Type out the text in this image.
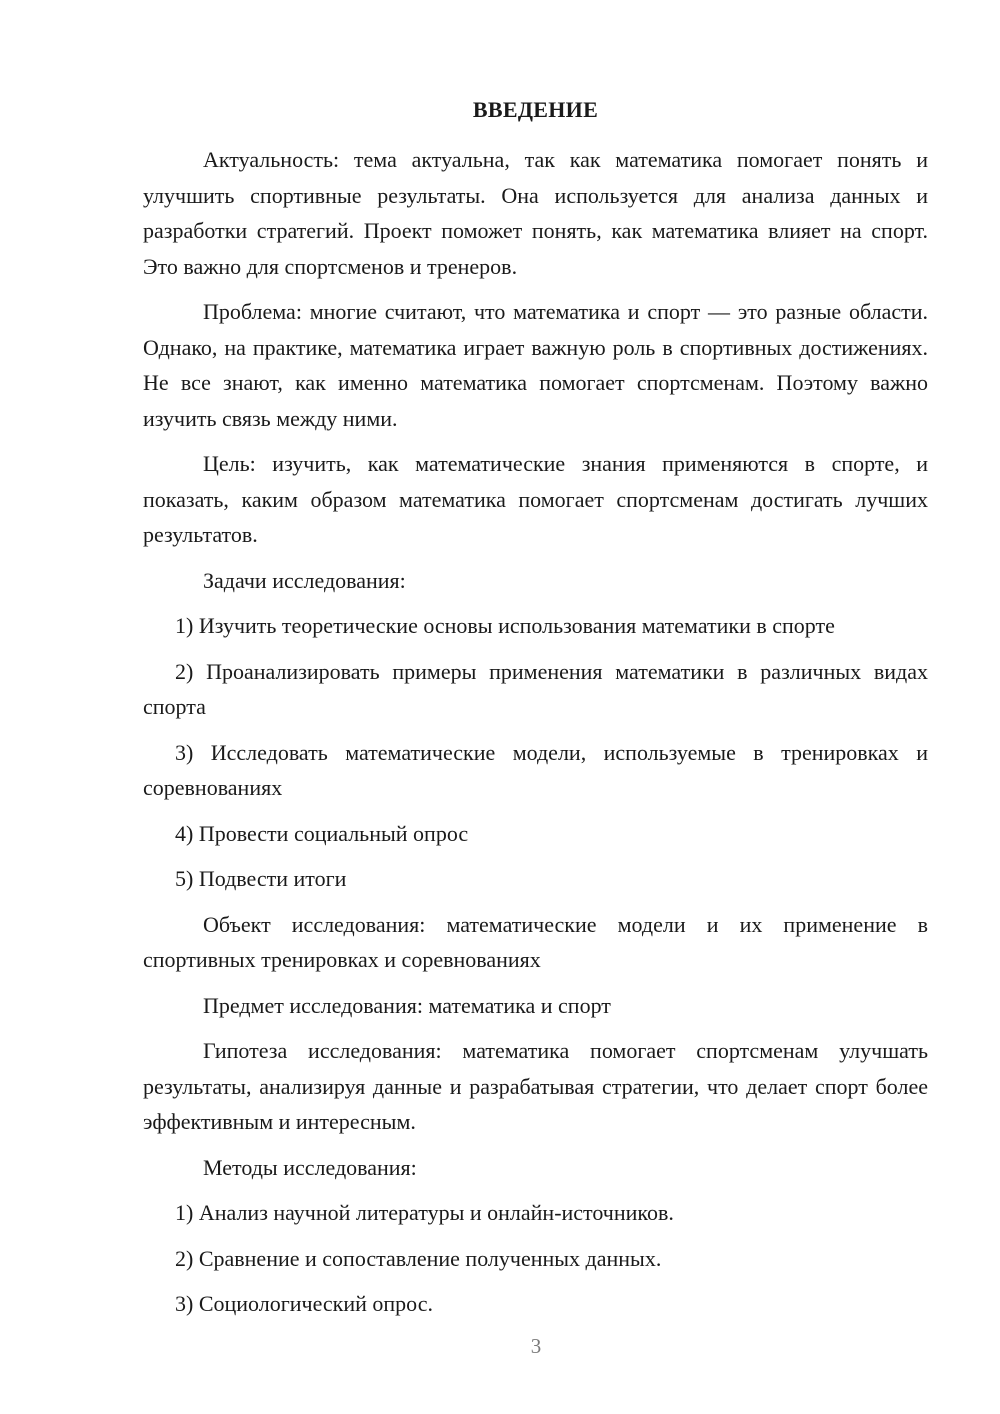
ВВЕДЕНИЕ

Актуальность: тема актуальна, так как математика помогает понять и улучшить спортивные результаты. Она используется для анализа данных и разработки стратегий. Проект поможет понять, как математика влияет на спорт. Это важно для спортсменов и тренеров.

Проблема: многие считают, что математика и спорт — это разные области. Однако, на практике, математика играет важную роль в спортивных достижениях. Не все знают, как именно математика помогает спортсменам. Поэтому важно изучить связь между ними.

Цель: изучить, как математические знания применяются в спорте, и показать, каким образом математика помогает спортсменам достигать лучших результатов.

Задачи исследования:

1) Изучить теоретические основы использования математики в спорте

2) Проанализировать примеры применения математики в различных видах спорта

3) Исследовать математические модели, используемые в тренировках и соревнованиях

4) Провести социальный опрос

5) Подвести итоги

Объект исследования: математические модели и их применение в спортивных тренировках и соревнованиях

Предмет исследования: математика и спорт

Гипотеза исследования: математика помогает спортсменам улучшать результаты, анализируя данные и разрабатывая стратегии, что делает спорт более эффективным и интересным.

Методы исследования:

1) Анализ научной литературы и онлайн-источников.

2) Сравнение и сопоставление полученных данных.

3) Социологический опрос.

3
